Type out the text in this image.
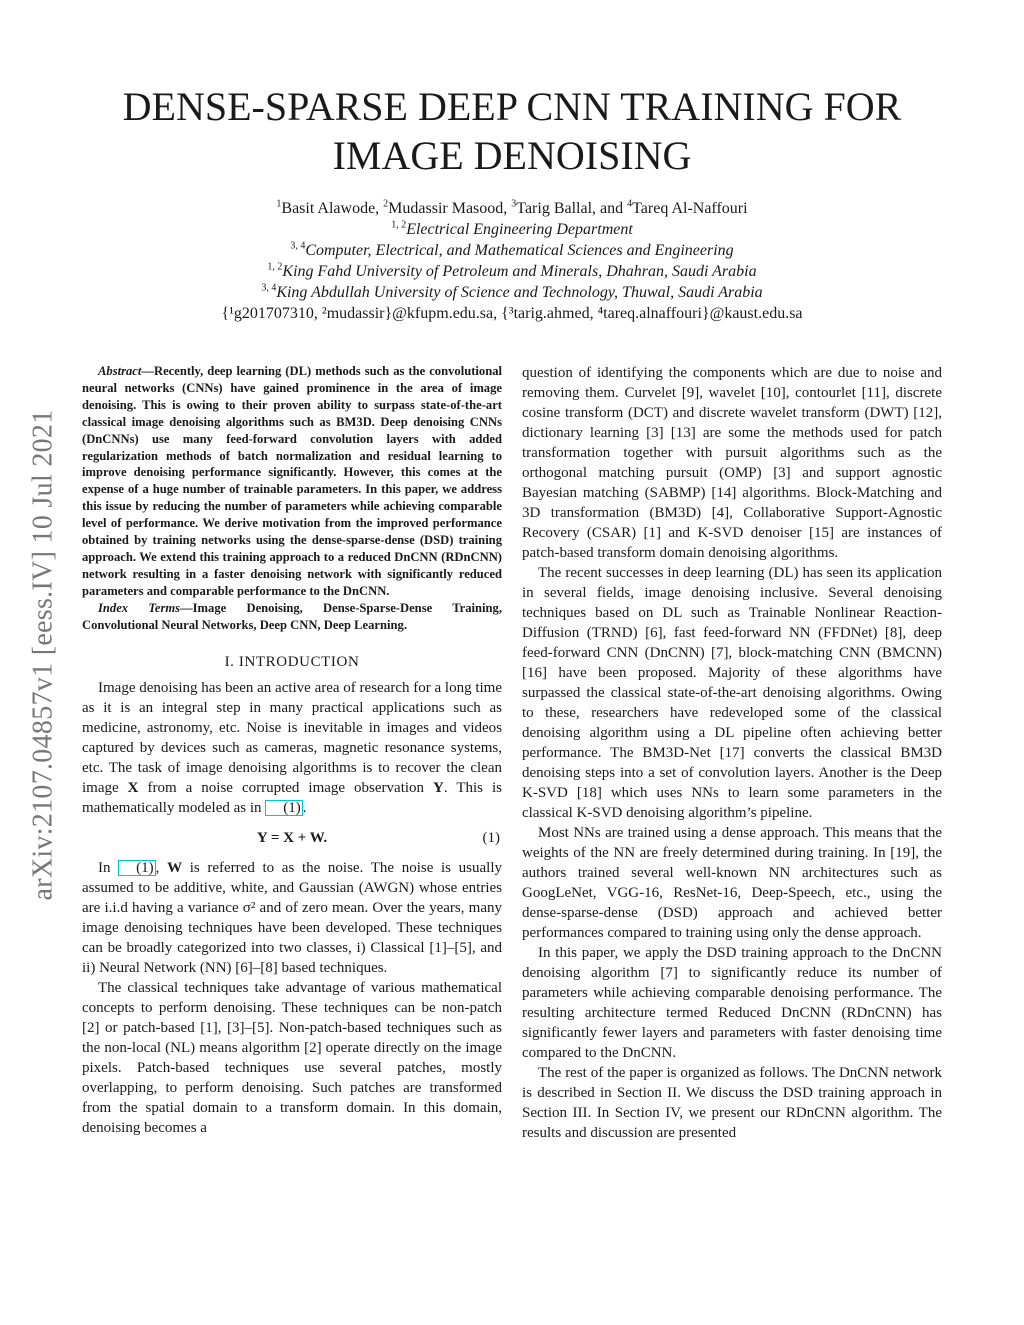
arXiv:2107.04857v1 [eess.IV] 10 Jul 2021
DENSE-SPARSE DEEP CNN TRAINING FOR
IMAGE DENOISING
$^1$Basit Alawode, $^2$Mudassir Masood, $^3$Tarig Ballal, and $^4$Tareq Al-Naffouri
$^{1, 2}$Electrical Engineering Department
$^{3, 4}$Computer, Electrical, and Mathematical Sciences and Engineering
$^{1, 2}$King Fahd University of Petroleum and Minerals, Dhahran, Saudi Arabia
$^{3, 4}$King Abdullah University of Science and Technology, Thuwal, Saudi Arabia
{¹g201707310, ²mudassir}@kfupm.edu.sa, {³tarig.ahmed, ⁴tareq.alnaffouri}@kaust.edu.sa

Abstract—Recently, deep learning (DL) methods such as the convolutional neural networks (CNNs) have gained prominence in the area of image denoising. This is owing to their proven ability to surpass state-of-the-art classical image denoising algorithms such as BM3D. Deep denoising CNNs (DnCNNs) use many feed-forward convolution layers with added regularization methods of batch normalization and residual learning to improve denoising performance significantly. However, this comes at the expense of a huge number of trainable parameters. In this paper, we address this issue by reducing the number of parameters while achieving comparable level of performance. We derive motivation from the improved performance obtained by training networks using the dense-sparse-dense (DSD) training approach. We extend this training approach to a reduced DnCNN (RDnCNN) network resulting in a faster denoising network with significantly reduced parameters and comparable performance to the DnCNN.

Index Terms—Image Denoising, Dense-Sparse-Dense Training, Convolutional Neural Networks, Deep CNN, Deep Learning.

I. INTRODUCTION

Image denoising has been an active area of research for a long time as it is an integral step in many practical applications such as medicine, astronomy, etc. Noise is inevitable in images and videos captured by devices such as cameras, magnetic resonance systems, etc. The task of image denoising algorithms is to recover the clean image X from a noise corrupted image observation Y. This is mathematically modeled as in (1) .

Y = X + W.	(1)

In (1) , W is referred to as the noise. The noise is usually assumed to be additive, white, and Gaussian (AWGN) whose entries are i.i.d having a variance σ² and of zero mean. Over the years, many image denoising techniques have been developed. These techniques can be broadly categorized into two classes, i) Classical [1]–[5], and ii) Neural Network (NN) [6]–[8] based techniques.

The classical techniques take advantage of various mathematical concepts to perform denoising. These techniques can be non-patch [2] or patch-based [1], [3]–[5]. Non-patch-based techniques such as the non-local (NL) means algorithm [2] operate directly on the image pixels. Patch-based techniques use several patches, mostly overlapping, to perform denoising. Such patches are transformed from the spatial domain to a transform domain. In this domain, denoising becomes a

question of identifying the components which are due to noise and removing them. Curvelet [9], wavelet [10], contourlet [11], discrete cosine transform (DCT) and discrete wavelet transform (DWT) [12], dictionary learning [3] [13] are some the methods used for patch transformation together with pursuit algorithms such as the orthogonal matching pursuit (OMP) [3] and support agnostic Bayesian matching (SABMP) [14] algorithms. Block-Matching and 3D transformation (BM3D) [4], Collaborative Support-Agnostic Recovery (CSAR) [1] and K-SVD denoiser [15] are instances of patch-based transform domain denoising algorithms.

The recent successes in deep learning (DL) has seen its application in several fields, image denoising inclusive. Several denoising techniques based on DL such as Trainable Nonlinear Reaction-Diffusion (TRND) [6], fast feed-forward NN (FFDNet) [8], deep feed-forward CNN (DnCNN) [7], block-matching CNN (BMCNN) [16] have been proposed. Majority of these algorithms have surpassed the classical state-of-the-art denoising algorithms. Owing to these, researchers have redeveloped some of the classical denoising algorithm using a DL pipeline often achieving better performance. The BM3D-Net [17] converts the classical BM3D denoising steps into a set of convolution layers. Another is the Deep K-SVD [18] which uses NNs to learn some parameters in the classical K-SVD denoising algorithm’s pipeline.

Most NNs are trained using a dense approach. This means that the weights of the NN are freely determined during training. In [19], the authors trained several well-known NN architectures such as GoogLeNet, VGG-16, ResNet-16, Deep-Speech, etc., using the dense-sparse-dense (DSD) approach and achieved better performances compared to training using only the dense approach.

In this paper, we apply the DSD training approach to the DnCNN denoising algorithm [7] to significantly reduce its number of parameters while achieving comparable denoising performance. The resulting architecture termed Reduced DnCNN (RDnCNN) has significantly fewer layers and parameters with faster denoising time compared to the DnCNN.

The rest of the paper is organized as follows. The DnCNN network is described in Section II. We discuss the DSD training approach in Section III. In Section IV, we present our RDnCNN algorithm. The results and discussion are presented
